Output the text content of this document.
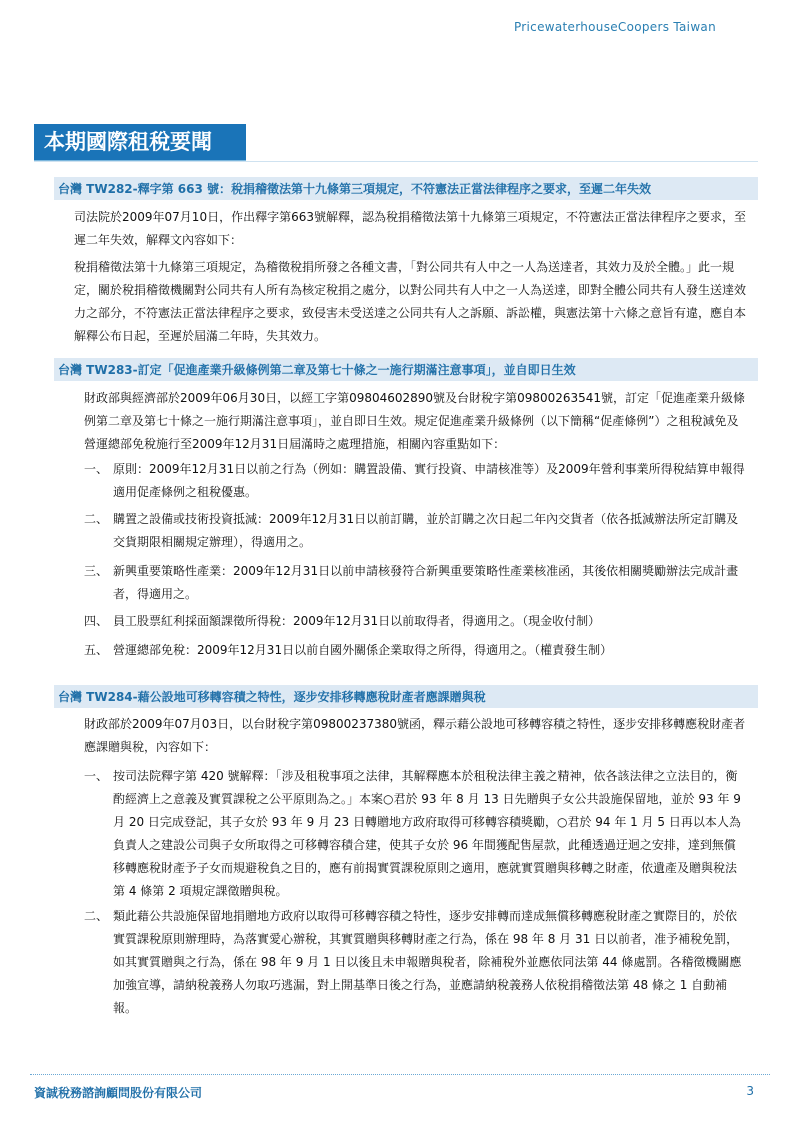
PricewaterhouseCoopers Taiwan
本期國際租稅要聞
台灣 TW282-釋字第 663 號：稅捐稽徵法第十九條第三項規定，不符憲法正當法律程序之要求，至遲二年失效
司法院於2009年07月10日，作出釋字第663號解釋，認為稅捐稽徵法第十九條第三項規定，不符憲法正當法律程序之要求，至遲二年失效，解釋文內容如下：
稅捐稽徵法第十九條第三項規定，為稽徵稅捐所發之各種文書，「對公同共有人中之一人為送達者，其效力及於全體。」此一規定，關於稅捐稽徵機關對公同共有人所有為核定稅捐之處分，以對公同共有人中之一人為送達，即對全體公同共有人發生送達效力之部分，不符憲法正當法律程序之要求，致侵害未受送達之公同共有人之訴願、訴訟權，與憲法第十六條之意旨有違，應自本解釋公布日起，至遲於屆滿二年時，失其效力。
台灣 TW283-訂定「促進產業升級條例第二章及第七十條之一施行期滿注意事項」，並自即日生效
財政部與經濟部於2009年06月30日，以經工字第09804602890號及台財稅字第09800263541號，訂定「促進產業升級條例第二章及第七十條之一施行期滿注意事項」，並自即日生效。規定促進產業升級條例（以下簡稱“促產條例”）之租稅減免及營運總部免稅施行至2009年12月31日屆滿時之處理措施，相關內容重點如下：
一、 原則：2009年12月31日以前之行為（例如：購置設備、實行投資、申請核准等）及2009年營利事業所得稅結算申報得適用促產條例之租稅優惠。
二、 購置之設備或技術投資抵減：2009年12月31日以前訂購，並於訂購之次日起二年內交貨者（依各抵減辦法所定訂購及交貨期限相關規定辦理），得適用之。
三、 新興重要策略性產業：2009年12月31日以前申請核發符合新興重要策略性產業核准函，其後依相關獎勵辦法完成計畫者，得適用之。
四、 員工股票紅利採面額課徵所得稅：2009年12月31日以前取得者，得適用之。（現金收付制）
五、 營運總部免稅：2009年12月31日以前自國外關係企業取得之所得，得適用之。（權責發生制）
台灣 TW284-藉公設地可移轉容積之特性，逐步安排移轉應稅財產者應課贈與稅
財政部於2009年07月03日，以台財稅字第09800237380號函，釋示藉公設地可移轉容積之特性，逐步安排移轉應稅財產者應課贈與稅，內容如下：
一、 按司法院釋字第 420 號解釋：「涉及租稅事項之法律，其解釋應本於租稅法律主義之精神，依各該法律之立法目的，衡酌經濟上之意義及實質課稅之公平原則為之。」本案○君於 93 年 8 月 13 日先贈與子女公共設施保留地，並於 93 年 9 月 20 日完成登記，其子女於 93 年 9 月 23 日轉贈地方政府取得可移轉容積獎勵，○君於 94 年 1 月 5 日再以本人為負責人之建設公司與子女所取得之可移轉容積合建，使其子女於 96 年間獲配售屋款，此種透過迂迴之安排，達到無償移轉應稅財產予子女而規避稅負之目的，應有前揭實質課稅原則之適用，應就實質贈與移轉之財產，依遺產及贈與稅法第 4 條第 2 項規定課徵贈與稅。
二、 類此藉公共設施保留地捐贈地方政府以取得可移轉容積之特性，逐步安排轉而達成無償移轉應稅財產之實際目的，於依實質課稅原則辦理時，為落實愛心辦稅，其實質贈與移轉財產之行為，係在 98 年 8 月 31 日以前者，准予補稅免罰，如其實質贈與之行為，係在 98 年 9 月 1 日以後且未申報贈與稅者，除補稅外並應依同法第 44 條處罰。各稽徵機關應加強宣導，請納稅義務人勿取巧逃漏，對上開基準日後之行為，並應請納稅義務人依稅捐稽徵法第 48 條之 1 自動補報。
資誠稅務諮詢顧問股份有限公司	3
